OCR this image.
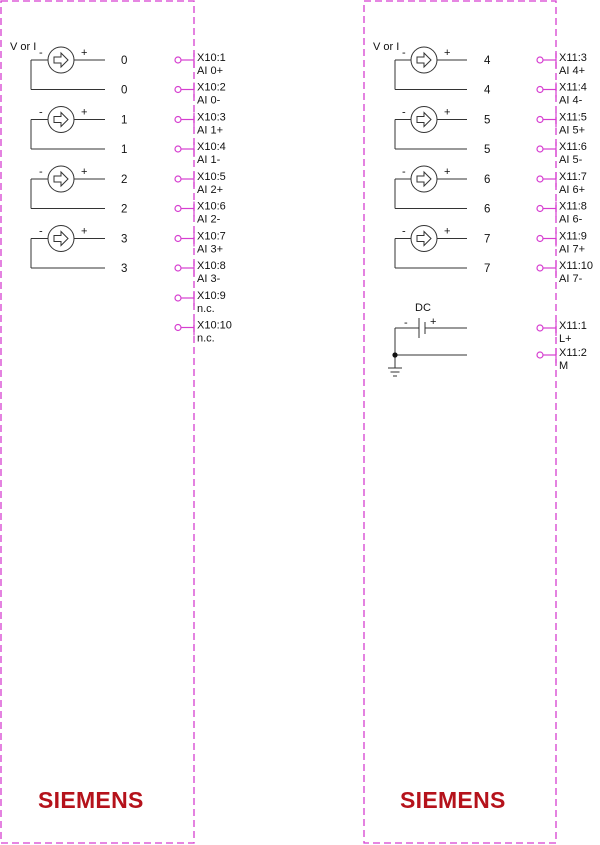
V or I -	+
0
0
X10:1
AI 0+
X10:2
AI 0-
-	+
1
1
X10:3
AI 1+
X10:4
AI 1-
-	+
2
2
X10:5
AI 2+
X10:6
AI 2-
-	+
3
3
X10:7
AI 3+
X10:8
AI 3-
X10:9
n.c.
X10:10
n.c.
V or I -	+
4
4
X11:3
AI 4+
X11:4
AI 4-
-	+
5
5
X11:5
AI 5+
X11:6
AI 5-
-	+
6
6
X11:7
AI 6+
X11:8
AI 6-
-	+
7
7
X11:9
AI 7+
X11:10
AI 7-
X11:1
L+
X11:2
M
DC
- +
SIEMENS	SIEMENS
